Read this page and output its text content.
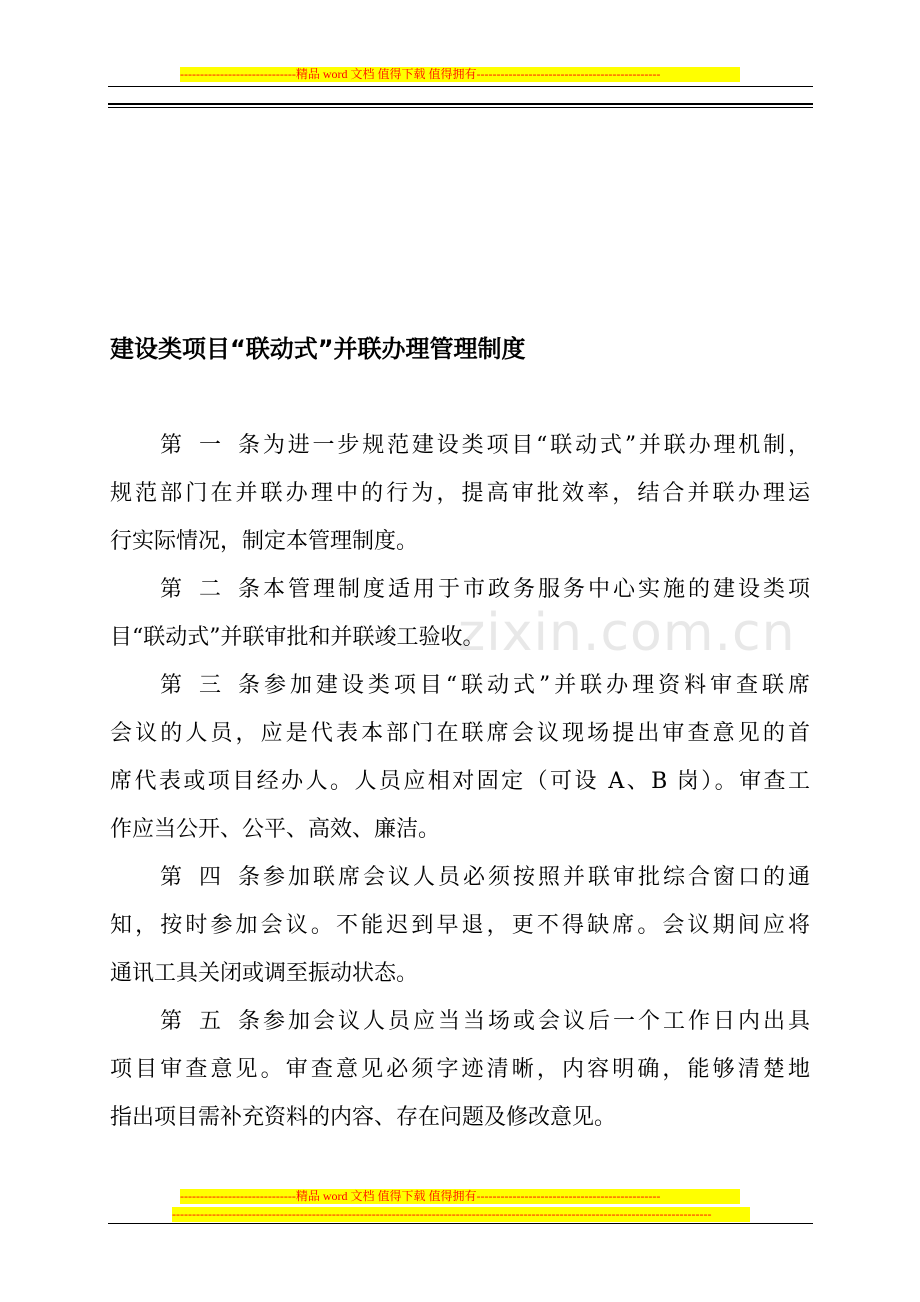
-----------------------------精品 word 文档 值得下载 值得拥有----------------------------------------------
建设类项目“联动式”并联办理管理制度
zixin.com.cn
第一条为进一步规范建设类项目“联动式”并联办理机制，
规范部门在并联办理中的行为，提高审批效率，结合并联办理运
行实际情况，制定本管理制度。
第二条本管理制度适用于市政务服务中心实施的建设类项
目“联动式”并联审批和并联竣工验收。
第三条参加建设类项目“联动式”并联办理资料审查联席
会议的人员，应是代表本部门在联席会议现场提出审查意见的首
席代表或项目经办人。人员应相对固定（可设 A、B 岗）。审查工
作应当公开、公平、高效、廉洁。
第四条参加联席会议人员必须按照并联审批综合窗口的通
知，按时参加会议。不能迟到早退，更不得缺席。会议期间应将
通讯工具关闭或调至振动状态。
第五条参加会议人员应当当场或会议后一个工作日内出具
项目审查意见。审查意见必须字迹清晰，内容明确，能够清楚地
指出项目需补充资料的内容、存在问题及修改意见。
-----------------------------精品 word 文档 值得下载 值得拥有----------------------------------------------
---------------------------------------------------------------------------------------------------------------------------------------
